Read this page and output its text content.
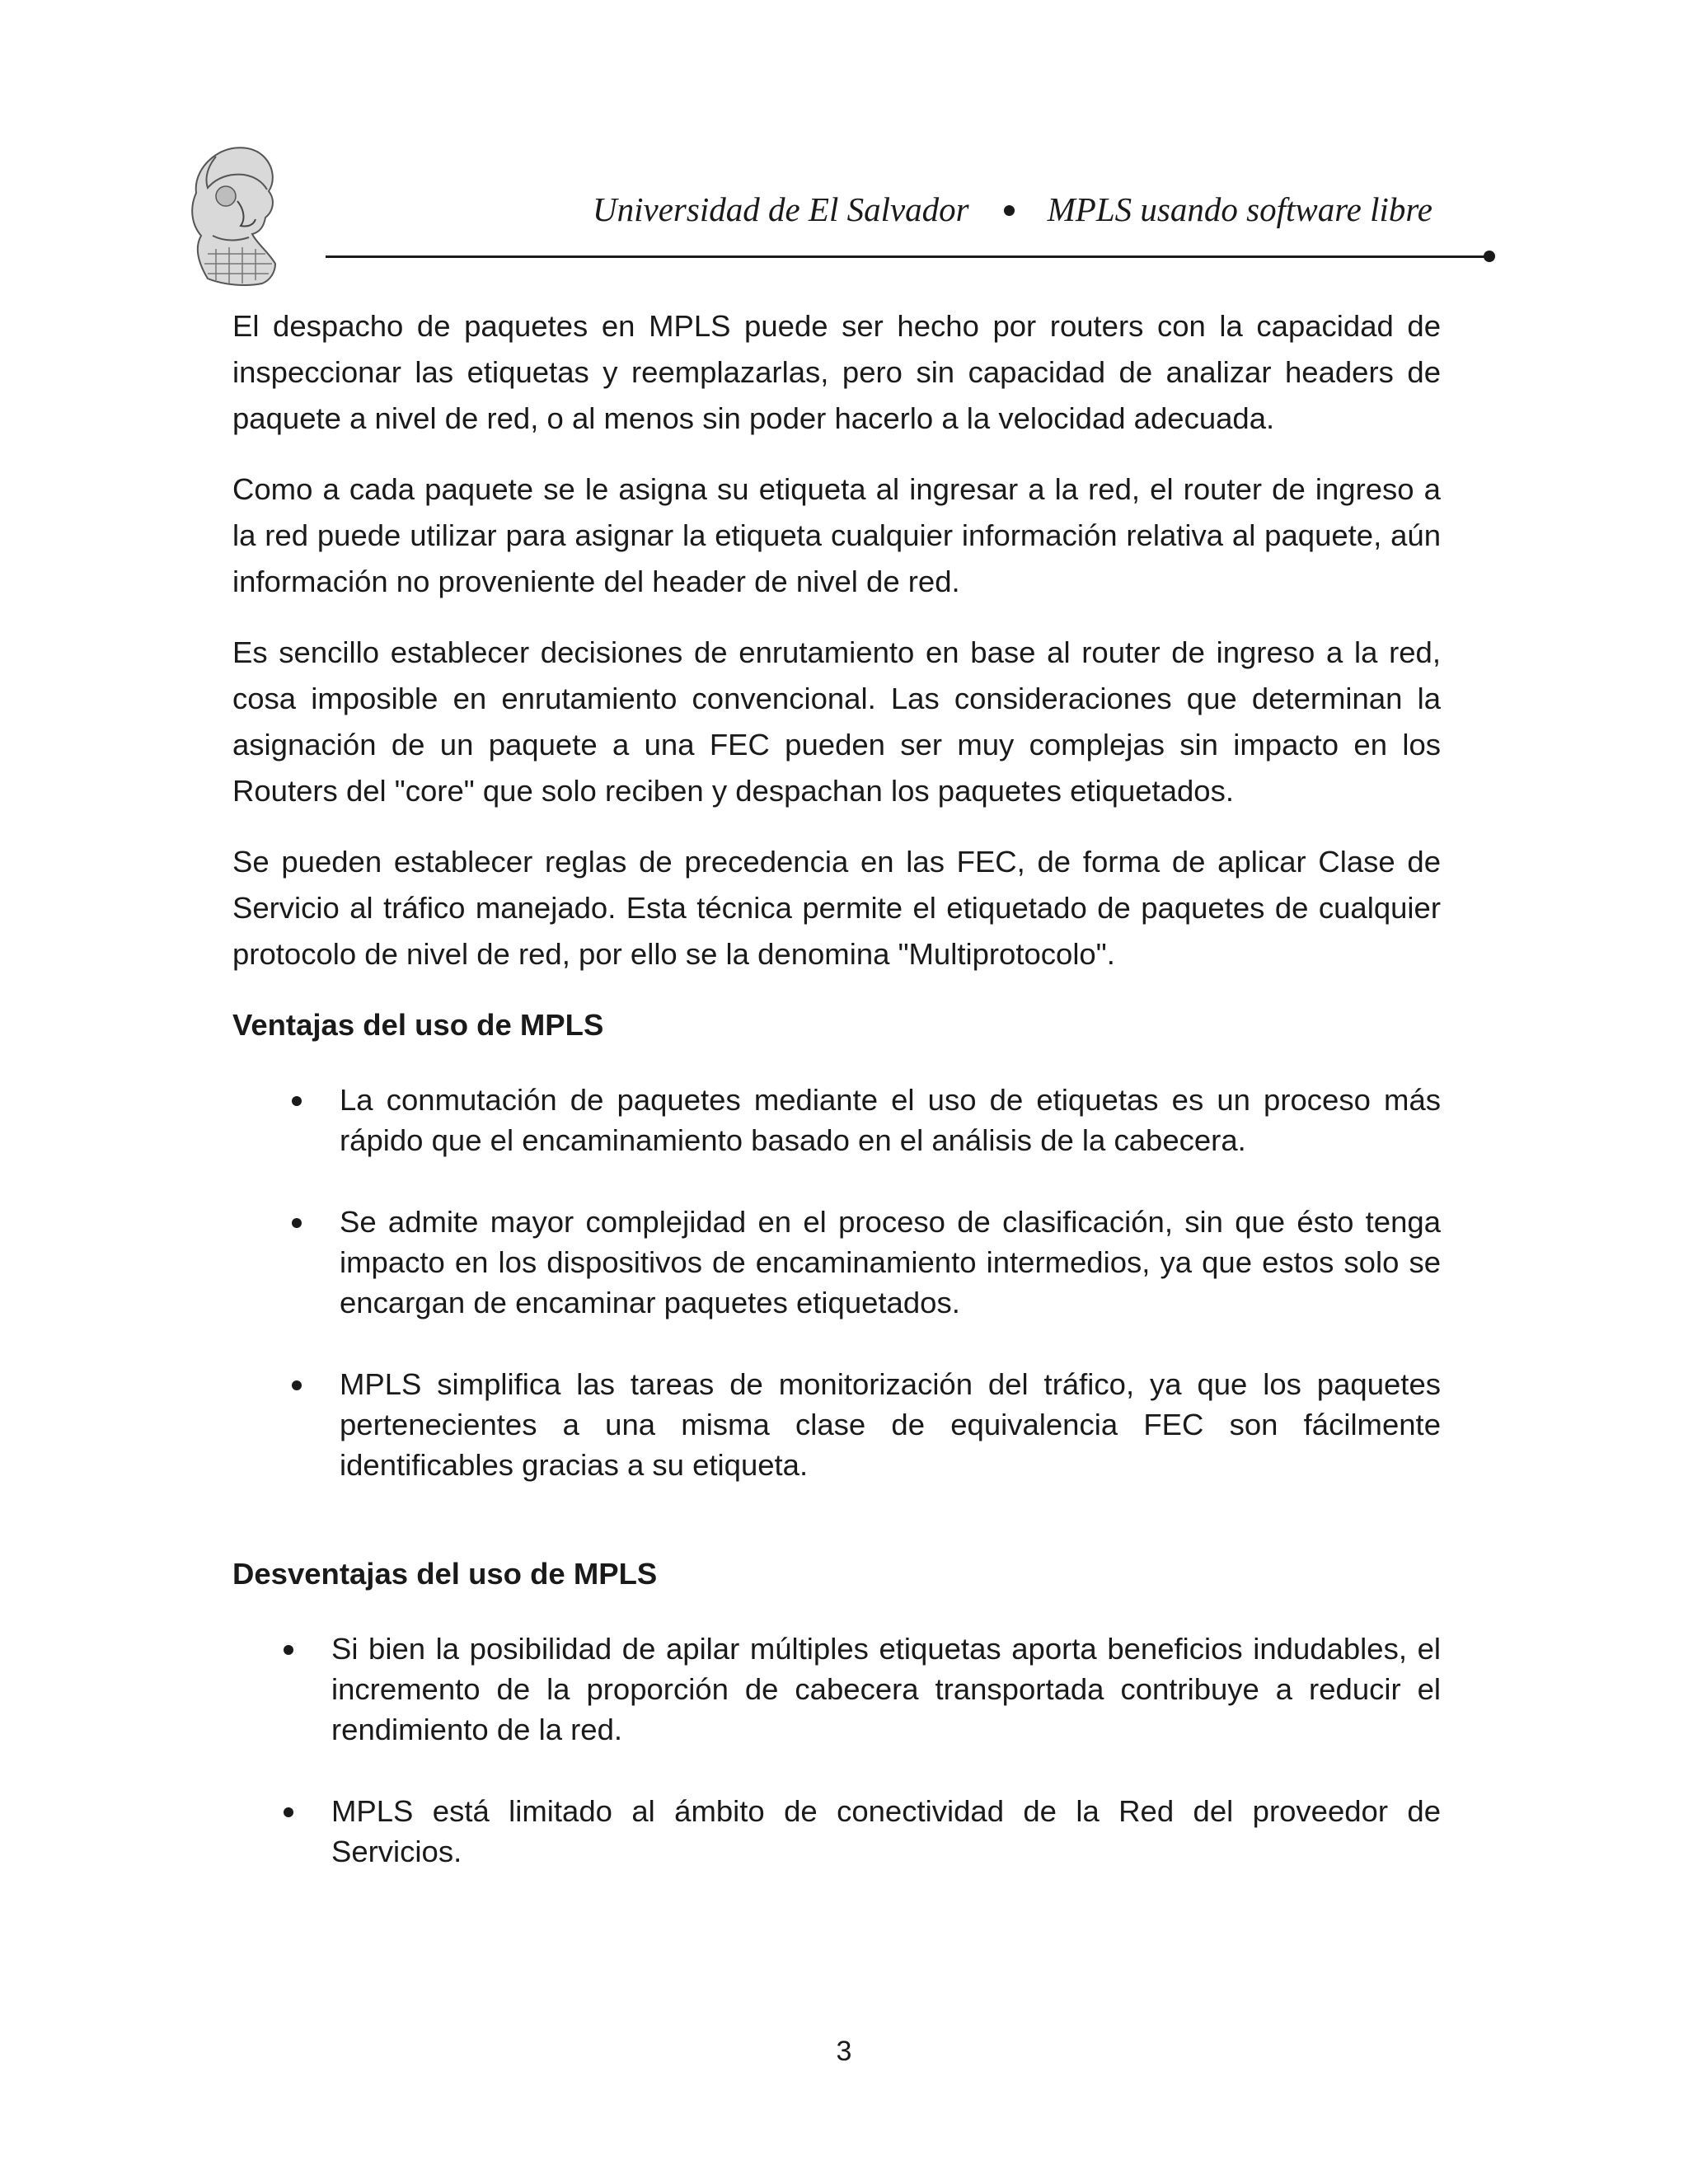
Universidad de El Salvador MPLS usando software libre

El despacho de paquetes en MPLS puede ser hecho por routers con la capacidad de inspeccionar las etiquetas y reemplazarlas, pero sin capacidad de analizar headers de paquete a nivel de red, o al menos sin poder hacerlo a la velocidad adecuada.

Como a cada paquete se le asigna su etiqueta al ingresar a la red, el router de ingreso a la red puede utilizar para asignar la etiqueta cualquier información relativa al paquete, aún información no proveniente del header de nivel de red.

Es sencillo establecer decisiones de enrutamiento en base al router de ingreso a la red, cosa imposible en enrutamiento convencional. Las consideraciones que determinan la asignación de un paquete a una FEC pueden ser muy complejas sin impacto en los Routers del "core" que solo reciben y despachan los paquetes etiquetados.

Se pueden establecer reglas de precedencia en las FEC, de forma de aplicar Clase de Servicio al tráfico manejado. Esta técnica permite el etiquetado de paquetes de cualquier protocolo de nivel de red, por ello se la denomina "Multiprotocolo".

Ventajas del uso de MPLS
La conmutación de paquetes mediante el uso de etiquetas es un proceso más rápido que el encaminamiento basado en el análisis de la cabecera.
Se admite mayor complejidad en el proceso de clasificación, sin que ésto tenga impacto en los dispositivos de encaminamiento intermedios, ya que estos solo se encargan de encaminar paquetes etiquetados.
MPLS simplifica las tareas de monitorización del tráfico, ya que los paquetes pertenecientes a una misma clase de equivalencia FEC son fácilmente identificables gracias a su etiqueta.
Desventajas del uso de MPLS
Si bien la posibilidad de apilar múltiples etiquetas aporta beneficios indudables, el incremento de la proporción de cabecera transportada contribuye a reducir el rendimiento de la red.
MPLS está limitado al ámbito de conectividad de la Red del proveedor de Servicios.
3
